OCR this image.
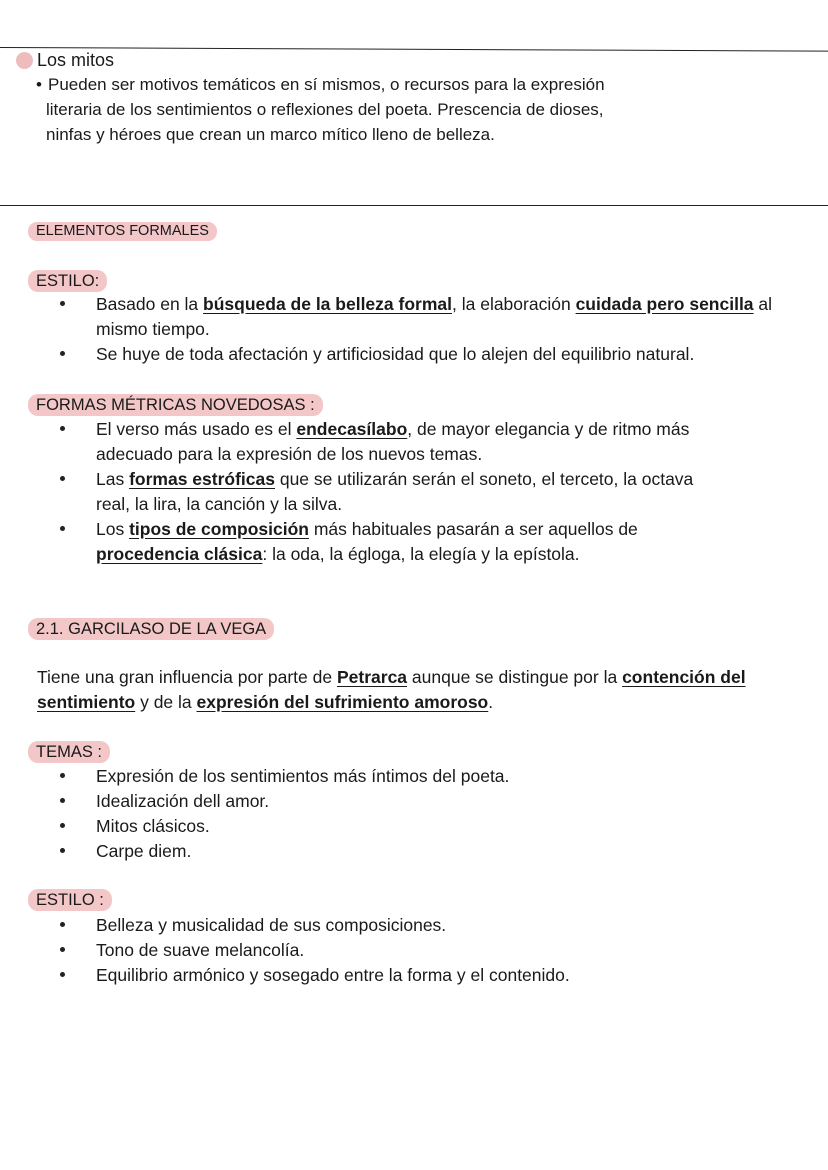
Los mitos
• Pueden ser motivos temáticos en sí mismos, o recursos para la expresión
literaria de los sentimientos o reflexiones del poeta. Prescencia de dioses,
ninfas y héroes que crean un marco mítico lleno de belleza.
ELEMENTOS FORMALES
ESTILO:
Basado en la búsqueda de la belleza formal, la elaboración cuidada pero sencilla al
mismo tiempo.
Se huye de toda afectación y artificiosidad que lo alejen del equilibrio natural.
FORMAS MÉTRICAS NOVEDOSAS :
El verso más usado es el endecasílabo, de mayor elegancia y de ritmo más
adecuado para la expresión de los nuevos temas.
Las formas estróficas que se utilizarán serán el soneto, el terceto, la octava
real, la lira, la canción y la silva.
Los tipos de composición más habituales pasarán a ser aquellos de
procedencia clásica: la oda, la égloga, la elegía y la epístola.
2.1. GARCILASO DE LA VEGA
Tiene una gran influencia por parte de Petrarca aunque se distingue por la contención del
sentimiento y de la expresión del sufrimiento amoroso.
TEMAS :
Expresión de los sentimientos más íntimos del poeta.
Idealización dell amor.
Mitos clásicos.
Carpe diem.
ESTILO :
Belleza y musicalidad de sus composiciones.
Tono de suave melancolía.
Equilibrio armónico y sosegado entre la forma y el contenido.
